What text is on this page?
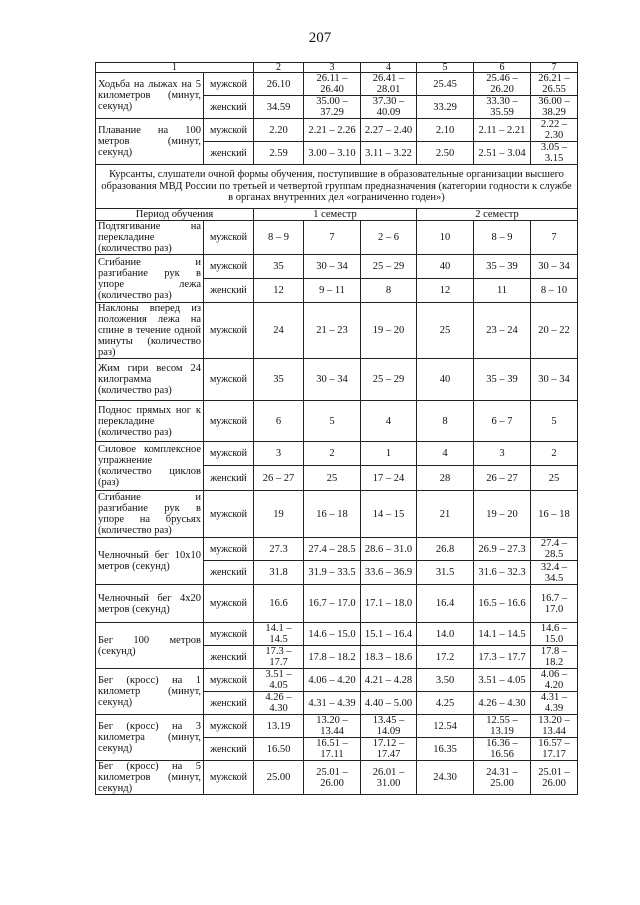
207
1		2	3	4	5	6	7
Ходьба на лыжах на 5 километров (минут, секунд)	мужской	26.10	26.11 – 26.40	26.41 – 28.01	25.45	25.46 – 26.20	26.21 – 26.55
	женский	34.59	35.00 – 37.29	37.30 – 40.09	33.29	33.30 – 35.59	36.00 – 38.29
Плавание на 100 метров (минут, секунд)	мужской	2.20	2.21 – 2.26	2.27 – 2.40	2.10	2.11 – 2.21	2.22 – 2.30
	женский	2.59	3.00 – 3.10	3.11 – 3.22	2.50	2.51 – 3.04	3.05 – 3.15
Курсанты, слушатели очной формы обучения, поступившие в образовательные организации высшего образования МВД России по третьей и четвертой группам предназначения (категории годности к службе в органах внутренних дел «ограниченно годен»)							
Период обучения		1 семестр			2 семестр		
Подтягивание на перекладине (количество раз)	мужской	8 – 9	7	2 – 6	10	8 – 9	7
Сгибание и разгибание рук в упоре лежа (количество раз)	мужской	35	30 – 34	25 – 29	40	35 – 39	30 – 34
	женский	12	9 – 11	8	12	11	8 – 10
Наклоны вперед из положения лежа на спине в течение одной минуты (количество раз)	мужской	24	21 – 23	19 – 20	25	23 – 24	20 – 22
Жим гири весом 24 килограмма (количество раз)	мужской	35	30 – 34	25 – 29	40	35 – 39	30 – 34
Поднос прямых ног к перекладине (количество раз)	мужской	6	5	4	8	6 – 7	5
Силовое комплексное упражнение (количество циклов (раз)	мужской	3	2	1	4	3	2
	женский	26 – 27	25	17 – 24	28	26 – 27	25
Сгибание и разгибание рук в упоре на брусьях (количество раз)	мужской	19	16 – 18	14 – 15	21	19 – 20	16 – 18
Челночный бег 10х10 метров (секунд)	мужской	27.3	27.4 – 28.5	28.6 – 31.0	26.8	26.9 – 27.3	27.4 – 28.5
	женский	31.8	31.9 – 33.5	33.6 – 36.9	31.5	31.6 – 32.3	32.4 – 34.5
Челночный бег 4х20 метров (секунд)	мужской	16.6	16.7 – 17.0	17.1 – 18.0	16.4	16.5 – 16.6	16.7 – 17.0
Бег 100 метров (секунд)	мужской	14.1 – 14.5	14.6 – 15.0	15.1 – 16.4	14.0	14.1 – 14.5	14.6 – 15.0
	женский	17.3 – 17.7	17.8 – 18.2	18.3 – 18.6	17.2	17.3 – 17.7	17.8 – 18.2
Бег (кросс) на 1 километр (минут, секунд)	мужской	3.51 – 4.05	4.06 – 4.20	4.21 – 4.28	3.50	3.51 – 4.05	4.06 – 4.20
	женский	4.26 – 4.30	4.31 – 4.39	4.40 – 5.00	4.25	4.26 – 4.30	4.31 – 4.39
Бег (кросс) на 3 километра (минут, секунд)	мужской	13.19	13.20 – 13.44	13.45 – 14.09	12.54	12.55 – 13.19	13.20 – 13.44
	женский	16.50	16.51 – 17.11	17.12 – 17.47	16.35	16.36 – 16.56	16.57 – 17.17
Бег (кросс) на 5 километров (минут, секунд)	мужской	25.00	25.01 – 26.00	26.01 – 31.00	24.30	24.31 – 25.00	25.01 – 26.00
